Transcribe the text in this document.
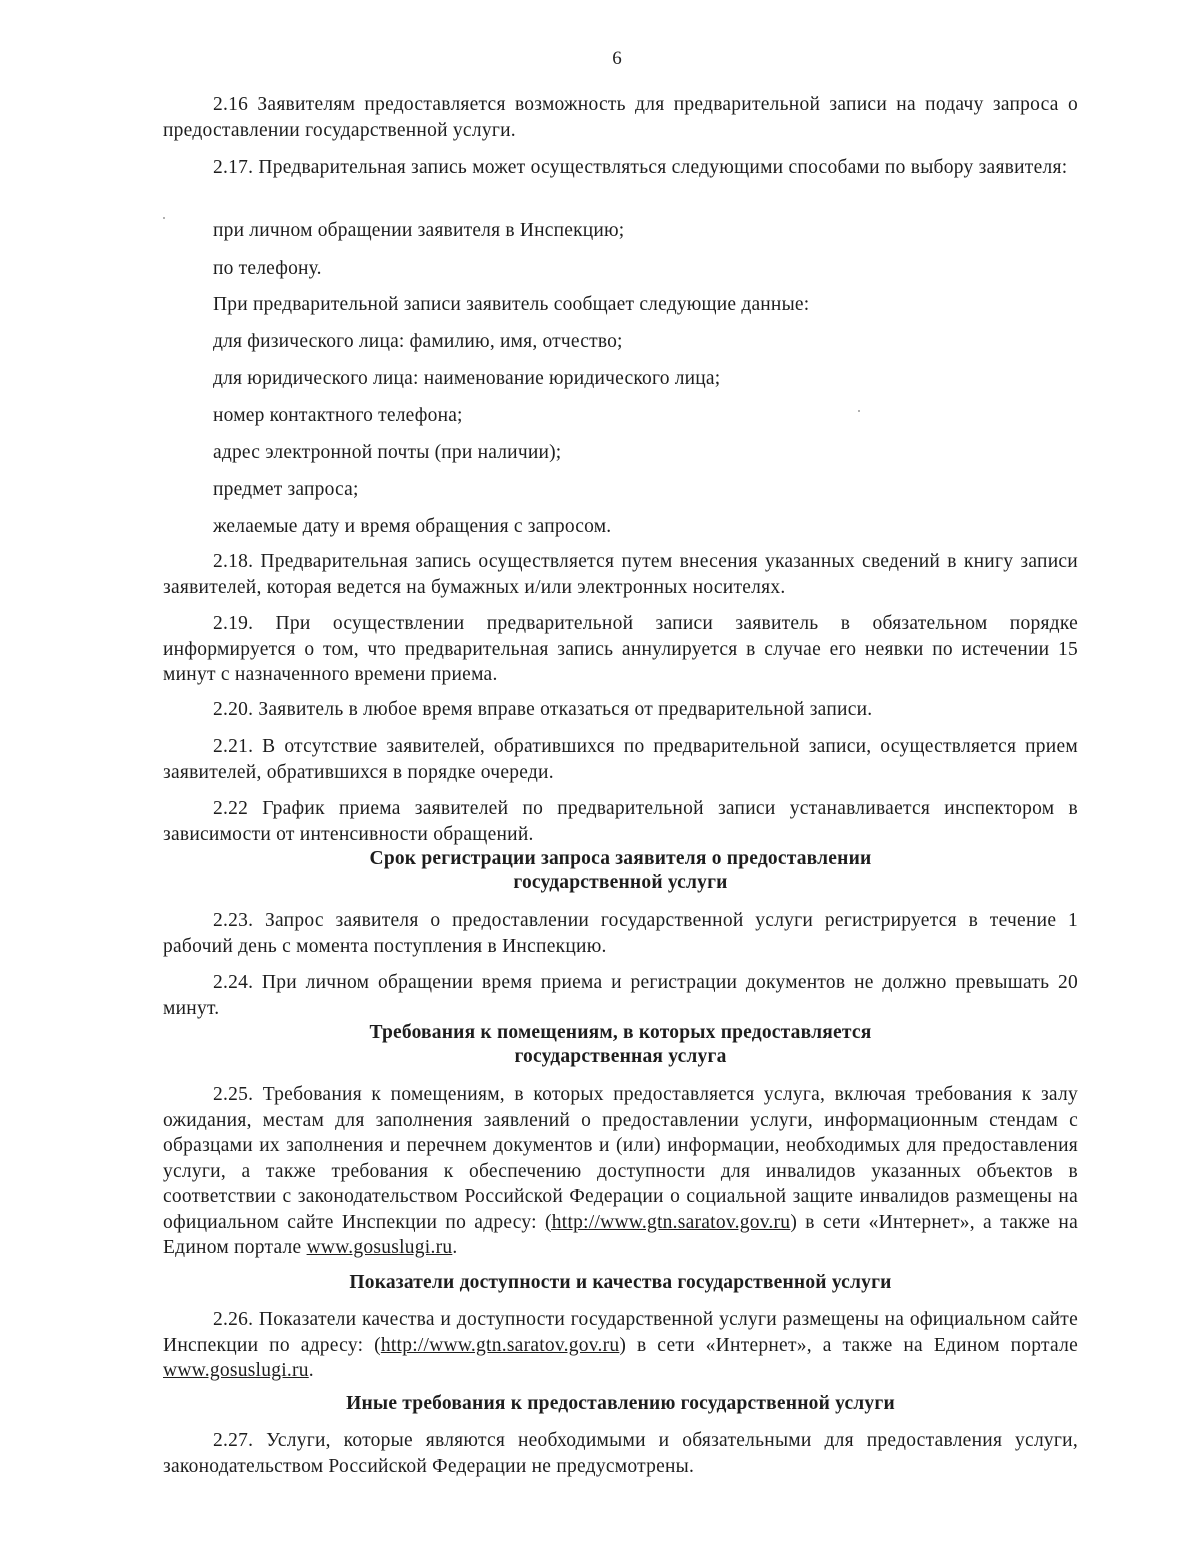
6

2.16 Заявителям предоставляется возможность для предварительной записи на подачу запроса о предоставлении государственной услуги.

2.17. Предварительная запись может осуществляться следующими способами по выбору заявителя:

при личном обращении заявителя в Инспекцию;

по телефону.

При предварительной записи заявитель сообщает следующие данные:

для физического лица: фамилию, имя, отчество;

для юридического лица: наименование юридического лица;

номер контактного телефона;

адрес электронной почты (при наличии);

предмет запроса;

желаемые дату и время обращения с запросом.

2.18. Предварительная запись осуществляется путем внесения указанных сведений в книгу записи заявителей, которая ведется на бумажных и/или электронных носителях.

2.19. При осуществлении предварительной записи заявитель в обязательном порядке информируется о том, что предварительная запись аннулируется в случае его неявки по истечении 15 минут с назначенного времени приема.

2.20. Заявитель в любое время вправе отказаться от предварительной записи.

2.21. В отсутствие заявителей, обратившихся по предварительной записи, осуществляется прием заявителей, обратившихся в порядке очереди.

2.22 График приема заявителей по предварительной записи устанавливается инспектором в зависимости от интенсивности обращений.

Срок регистрации запроса заявителя о предоставлении
государственной услуги

2.23. Запрос заявителя о предоставлении государственной услуги регистрируется в течение 1 рабочий день с момента поступления в Инспекцию.

2.24. При личном обращении время приема и регистрации документов не должно превышать 20 минут.

Требования к помещениям, в которых предоставляется
государственная услуга

2.25. Требования к помещениям, в которых предоставляется услуга, включая требования к залу ожидания, местам для заполнения заявлений о предоставлении услуги, информационным стендам с образцами их заполнения и перечнем документов и (или) информации, необходимых для предоставления услуги, а также требования к обеспечению доступности для инвалидов указанных объектов в соответствии с законодательством Российской Федерации о социальной защите инвалидов размещены на официальном сайте Инспекции по адресу: (http://www.gtn.saratov.gov.ru) в сети «Интернет», а также на Едином портале www.gosuslugi.ru.

Показатели доступности и качества государственной услуги

2.26. Показатели качества и доступности государственной услуги размещены на официальном сайте Инспекции по адресу: (http://www.gtn.saratov.gov.ru) в сети «Интернет», а также на Едином портале www.gosuslugi.ru.

Иные требования к предоставлению государственной услуги

2.27. Услуги, которые являются необходимыми и обязательными для предоставления услуги, законодательством Российской Федерации не предусмотрены.
